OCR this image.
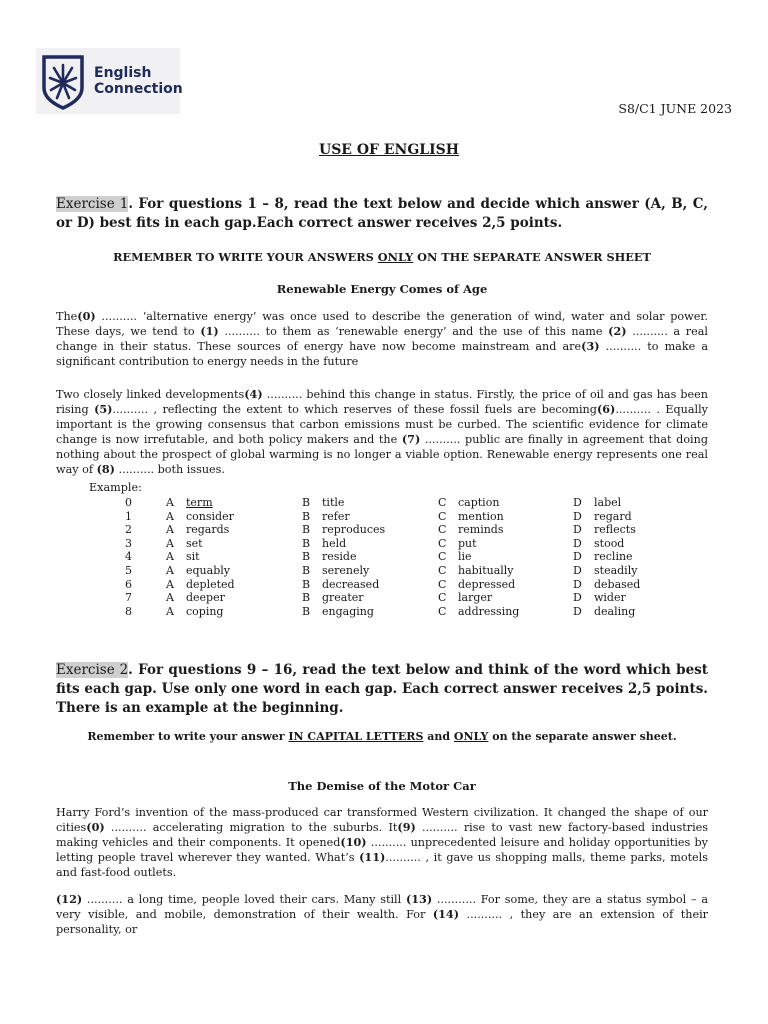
English
Connection
S8/C1 JUNE 2023
USE OF ENGLISH
Exercise 1. For questions 1 – 8, read the text below and decide which answer (A, B, C, or D) best fits in each gap.Each correct answer receives 2,5 points.
REMEMBER TO WRITE YOUR ANSWERS ONLY ON THE SEPARATE ANSWER SHEET
Renewable Energy Comes of Age
The(0) .......... ‘alternative energy’ was once used to describe the generation of wind, water and solar power. These days, we tend to (1) .......... to them as ‘renewable energy’ and the use of this name (2) .......... a real change in their status. These sources of energy have now become mainstream and are(3) .......... to make a significant contribution to energy needs in the future
Two closely linked developments(4) .......... behind this change in status. Firstly, the price of oil and gas has been rising (5).......... , reflecting the extent to which reserves of these fossil fuels are becoming(6).......... . Equally important is the growing consensus that carbon emissions must be curbed. The scientific evidence for climate change is now irrefutable, and both policy makers and the (7) .......... public are finally in agreement that doing nothing about the prospect of global warming is no longer a viable option. Renewable energy represents one real way of (8) .......... both issues.
Example:
0	A term	B title	C caption	D label
1	A consider	B refer	C mention	D regard
2	A regards	B reproduces	C reminds	D reflects
3	A set	B held	C put	D stood
4	A sit	B reside	C lie	D recline
5	A equably	B serenely	C habitually	D steadily
6	A depleted	B decreased	C depressed	D debased
7	A deeper	B greater	C larger	D wider
8	A coping	B engaging	C addressing	D dealing
Exercise 2. For questions 9 – 16, read the text below and think of the word which best fits each gap. Use only one word in each gap. Each correct answer receives 2,5 points. There is an example at the beginning.
Remember to write your answer IN CAPITAL LETTERS and ONLY on the separate answer sheet.
The Demise of the Motor Car
Harry Ford’s invention of the mass-produced car transformed Western civilization. It changed the shape of our cities(0) .......... accelerating migration to the suburbs. It(9) .......... rise to vast new factory-based industries making vehicles and their components. It opened(10) .......... unprecedented leisure and holiday opportunities by letting people travel wherever they wanted. What’s (11).......... , it gave us shopping malls, theme parks, motels and fast-food outlets.
(12) .......... a long time, people loved their cars. Many still (13) ........... For some, they are a status symbol – a very visible, and mobile, demonstration of their wealth. For (14) .......... , they are an extension of their personality, or
